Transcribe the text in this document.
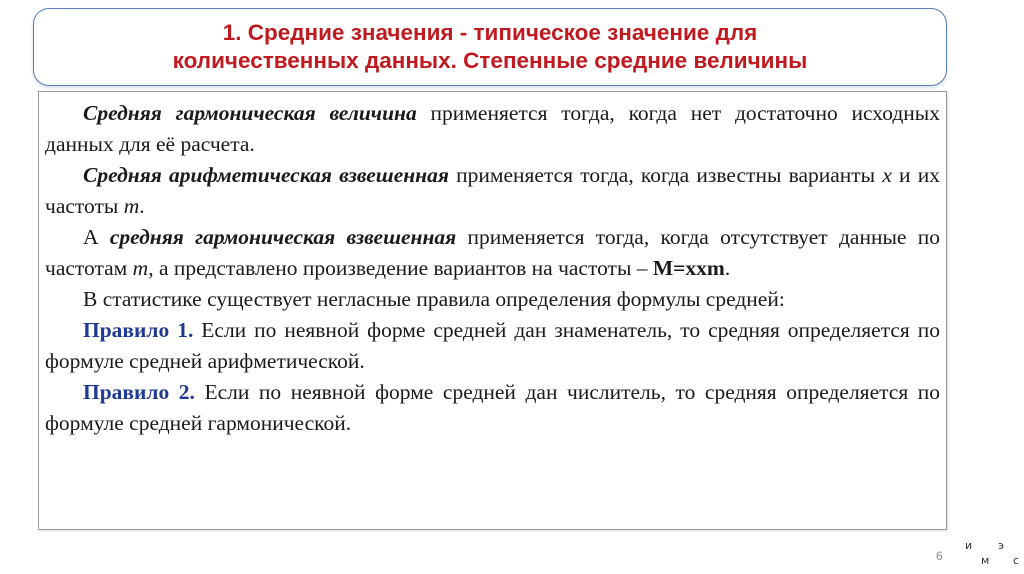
1. Средние значения - типическое значение для
количественных данных. Степенные средние величины

Средняя гармоническая величина применяется тогда, когда нет достаточно исходных данных для её расчета.

Средняя арифметическая взвешенная применяется тогда, когда известны варианты x и их частоты m.

А средняя гармоническая взвешенная применяется тогда, когда отсутствует данные по частотам m, а представлено произведение вариантов на частоты – M=xxm.

В статистике существует негласные правила определения формулы средней:

Правило 1. Если по неявной форме средней дан знаменатель, то средняя определяется по формуле средней арифметической.

Правило 2. Если по неявной форме средней дан числитель, то средняя определяется по формуле средней гармонической.

6
и э
м с
